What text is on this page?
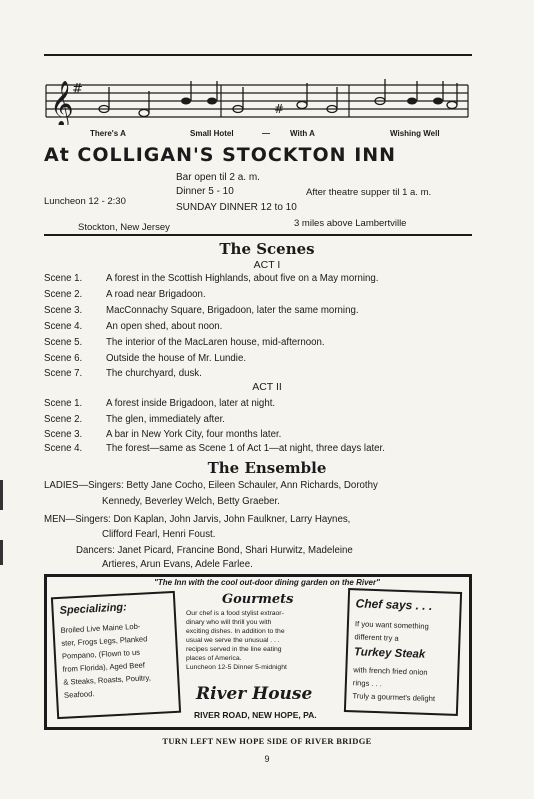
𝄞
#
#
There's A	Small Hotel	—	With A	Wishing Well
At COLLIGAN'S STOCKTON INN
Bar open til 2 a. m.
Luncheon 12 - 2:30
Dinner 5 - 10	After theatre supper til 1 a. m.
SUNDAY DINNER 12 to 10
Stockton, New Jersey	3 miles above Lambertville
The Scenes
ACT I
Scene 1. A forest in the Scottish Highlands, about five on a May morning.
Scene 2. A road near Brigadoon.
Scene 3. MacConnachy Square, Brigadoon, later the same morning.
Scene 4. An open shed, about noon.
Scene 5. The interior of the MacLaren house, mid-afternoon.
Scene 6. Outside the house of Mr. Lundie.
Scene 7. The churchyard, dusk.
ACT II
Scene 1. A forest inside Brigadoon, later at night.
Scene 2. The glen, immediately after.
Scene 3. A bar in New York City, four months later.
Scene 4. The forest—same as Scene 1 of Act 1—at night, three days later.
The Ensemble
LADIES—Singers: Betty Jane Cocho, Eileen Schauler, Ann Richards, Dorothy
Kennedy, Beverley Welch, Betty Graeber.
MEN—Singers: Don Kaplan, John Jarvis, John Faulkner, Larry Haynes,
Clifford Fearl, Henri Foust.
Dancers: Janet Picard, Francine Bond, Shari Hurwitz, Madeleine
Artieres, Arun Evans, Adele Farlee.
"The Inn with the cool out-door dining garden on the River"
Specializing:
Broiled Live Maine Lob-
ster, Frogs Legs, Planked
Pompano, (Flown to us
from Florida), Aged Beef
& Steaks, Roasts, Poultry,
Seafood.
Gourmets
Our chef is a food stylist extraor-
dinary who will thrill you with
exciting dishes. In addition to the
usual we serve the unusual . . .
recipes served in the line eating
places of America.
Luncheon 12-5 Dinner 5-midnight
River House
RIVER ROAD, NEW HOPE, PA.
Chef says . . .
If you want something
different try a
Turkey Steak
with french fried onion
rings . . .
Truly a gourmet's delight
TURN LEFT NEW HOPE SIDE OF RIVER BRIDGE
9
